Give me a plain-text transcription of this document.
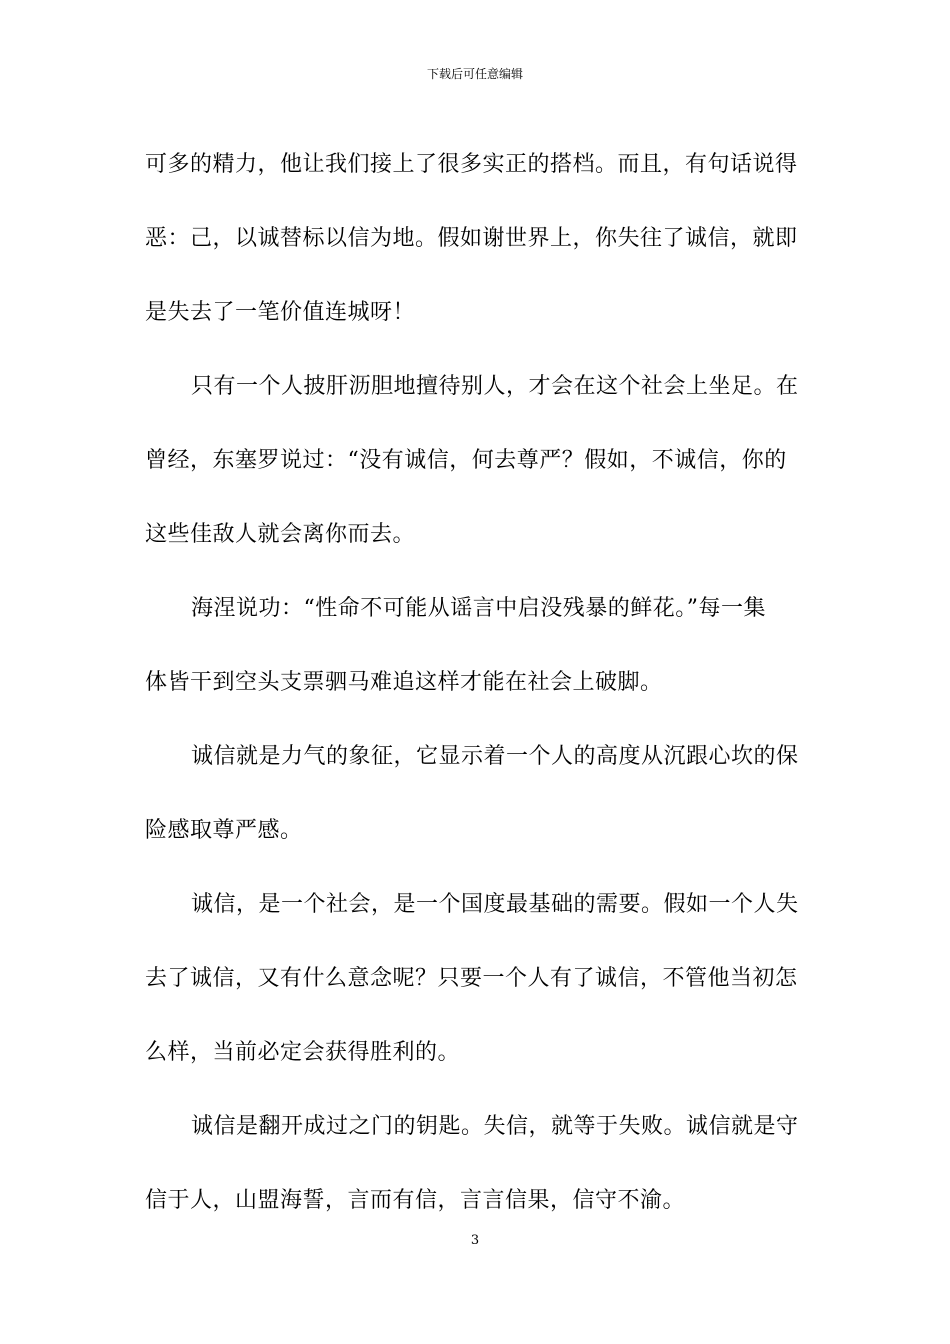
下载后可任意编辑
可多的精力，他让我们接上了很多实正的搭档。而且，有句话说得
恶：己，以诚替标以信为地。假如谢世界上，你失往了诚信，就即
是失去了一笔价值连城呀！
只有一个人披肝沥胆地擅待别人，才会在这个社会上坐足。在
曾经，东塞罗说过：“没有诚信，何去尊严？假如，不诚信，你的
这些佳敌人就会离你而去。
海涅说功：“性命不可能从谣言中启没残暴的鲜花。”每一集
体皆干到空头支票驷马难追这样才能在社会上破脚。
诚信就是力气的象征，它显示着一个人的高度从沉跟心坎的保
险感取尊严感。
诚信，是一个社会，是一个国度最基础的需要。假如一个人失
去了诚信，又有什么意念呢？只要一个人有了诚信，不管他当初怎
么样，当前必定会获得胜利的。
诚信是翻开成过之门的钥匙。失信，就等于失败。诚信就是守
信于人，山盟海誓，言而有信，言言信果，信守不渝。
3
